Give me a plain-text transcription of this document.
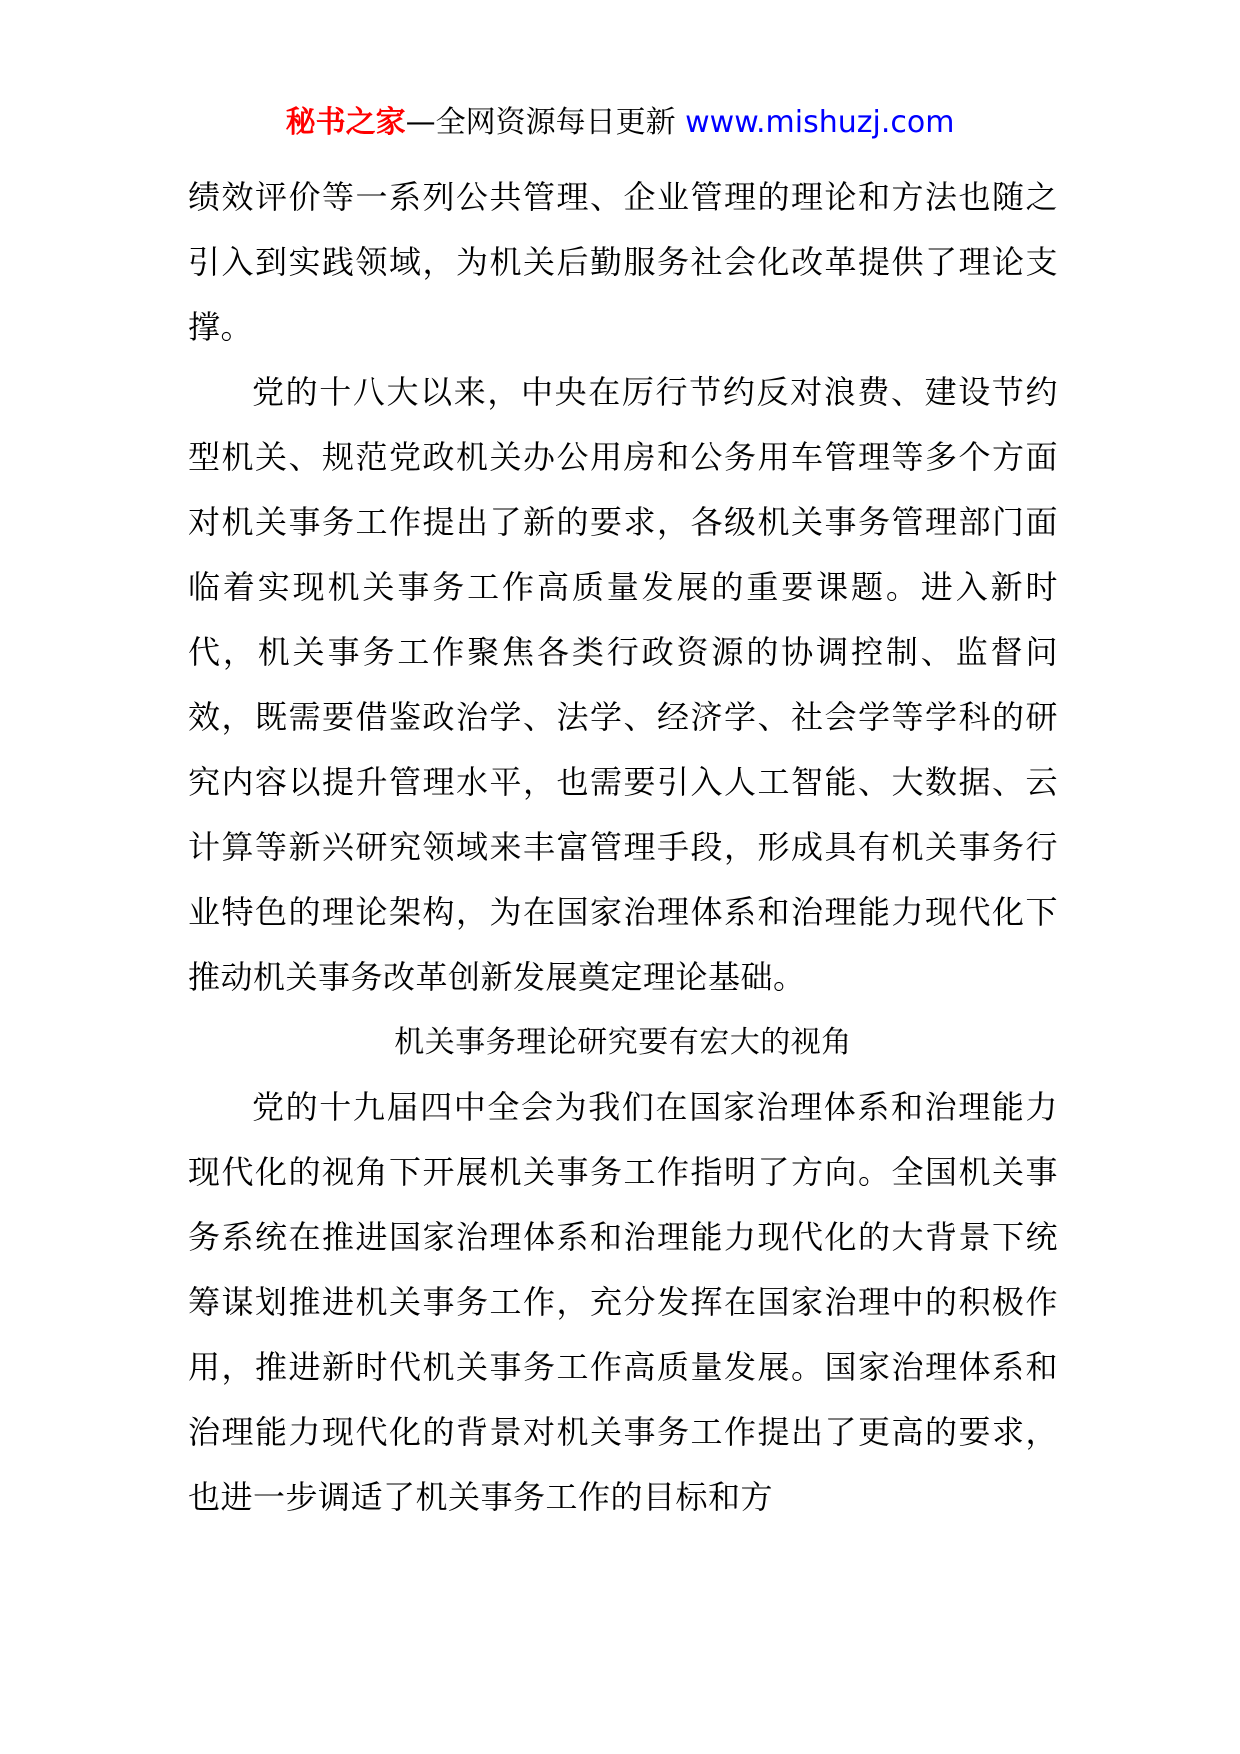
秘书之家—全网资源每日更新 www.mishuzj.com

绩效评价等一系列公共管理、企业管理的理论和方法也随之引入到实践领域，为机关后勤服务社会化改革提供了理论支撑。

党的十八大以来，中央在厉行节约反对浪费、建设节约型机关、规范党政机关办公用房和公务用车管理等多个方面对机关事务工作提出了新的要求，各级机关事务管理部门面临着实现机关事务工作高质量发展的重要课题。进入新时代，机关事务工作聚焦各类行政资源的协调控制、监督问效，既需要借鉴政治学、法学、经济学、社会学等学科的研究内容以提升管理水平，也需要引入人工智能、大数据、云计算等新兴研究领域来丰富管理手段，形成具有机关事务行业特色的理论架构，为在国家治理体系和治理能力现代化下推动机关事务改革创新发展奠定理论基础。

机关事务理论研究要有宏大的视角

党的十九届四中全会为我们在国家治理体系和治理能力现代化的视角下开展机关事务工作指明了方向。全国机关事务系统在推进国家治理体系和治理能力现代化的大背景下统筹谋划推进机关事务工作，充分发挥在国家治理中的积极作用，推进新时代机关事务工作高质量发展。国家治理体系和治理能力现代化的背景对机关事务工作提出了更高的要求，也进一步调适了机关事务工作的目标和方
